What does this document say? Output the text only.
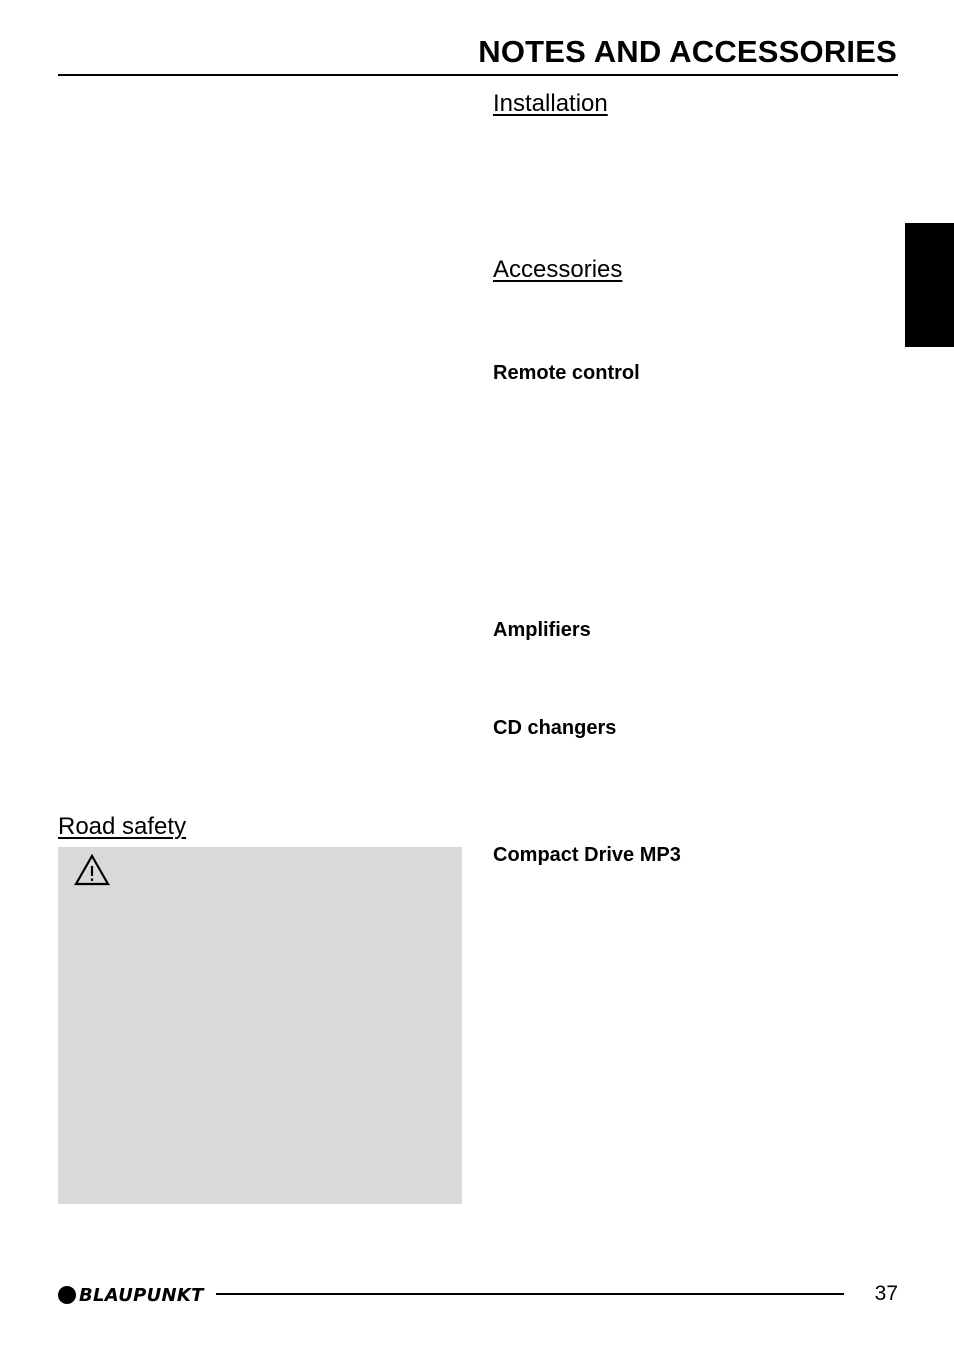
NOTES AND ACCESSORIES
Installation
Accessories
Remote control
Amplifiers
CD changers
Compact Drive MP3
Road safety
BLAUPUNKT	37
